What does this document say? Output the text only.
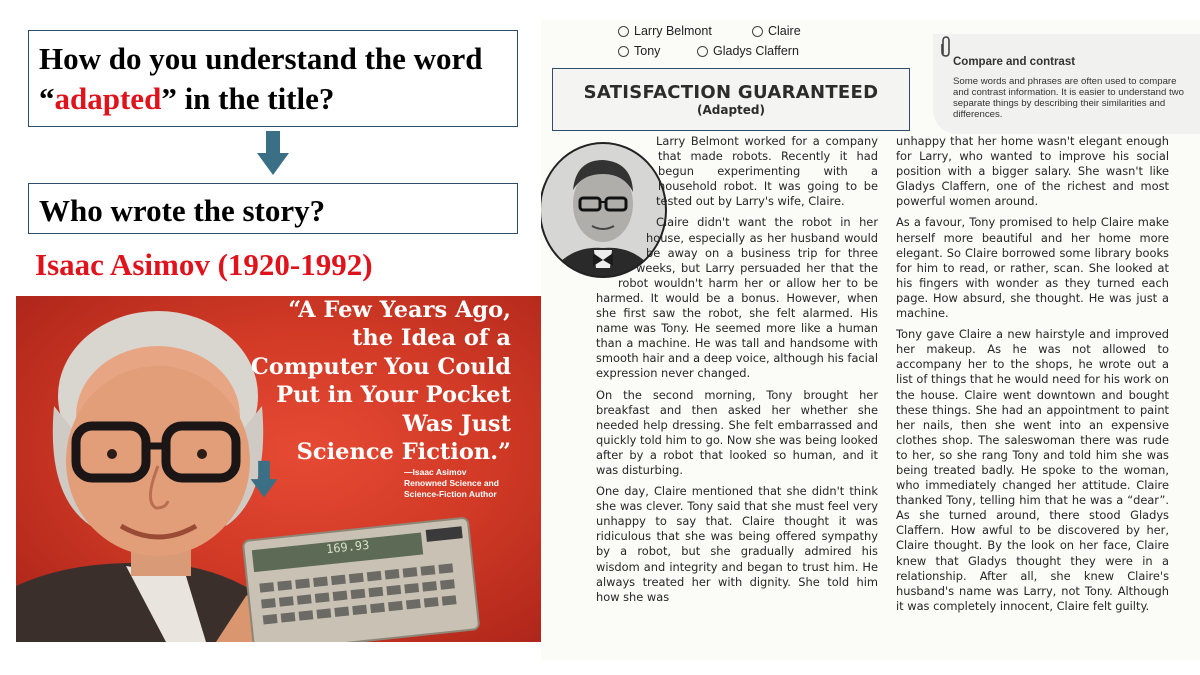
How do you understand the word “adapted” in the title?
Who wrote the story?
Isaac Asimov (1920-1992)
169.93
“A Few Years Ago,
the Idea of a
Computer You Could
Put in Your Pocket
Was Just
Science Fiction.”
—Isaac Asimov
Renowned Science and
Science-Fiction Author
Larry Belmont	Claire
Tony	Gladys Claffern
SATISFACTION GUARANTEED
(Adapted)
Compare and contrast
Some words and phrases are often used to compare and contrast information. It is easier to understand two separate things by describing their similarities and differences.

Larry Belmont worked for a company that made robots. Recently it had begun experimenting with a household robot. It was going to be tested out by Larry's wife, Claire.

Claire didn't want the robot in her house, especially as her husband would be away on a business trip for three weeks, but Larry persuaded her that the robot wouldn't harm her or allow her to be harmed. It would be a bonus. However, when she first saw the robot, she felt alarmed. His name was Tony. He seemed more like a human than a machine. He was tall and handsome with smooth hair and a deep voice, although his facial expression never changed.

On the second morning, Tony brought her breakfast and then asked her whether she needed help dressing. She felt embarrassed and quickly told him to go. Now she was being looked after by a robot that looked so human, and it was disturbing.

One day, Claire mentioned that she didn't think she was clever. Tony said that she must feel very unhappy to say that. Claire thought it was ridiculous that she was being offered sympathy by a robot, but she gradually admired his wisdom and integrity and began to trust him. He always treated her with dignity. She told him how she was

unhappy that her home wasn't elegant enough for Larry, who wanted to improve his social position with a bigger salary. She wasn't like Gladys Claffern, one of the richest and most powerful women around.

As a favour, Tony promised to help Claire make herself more beautiful and her home more elegant. So Claire borrowed some library books for him to read, or rather, scan. She looked at his fingers with wonder as they turned each page. How absurd, she thought. He was just a machine.

Tony gave Claire a new hairstyle and improved her makeup. As he was not allowed to accompany her to the shops, he wrote out a list of things that he would need for his work on the house. Claire went downtown and bought these things. She had an appointment to paint her nails, then she went into an expensive clothes shop. The saleswoman there was rude to her, so she rang Tony and told him she was being treated badly. He spoke to the woman, who immediately changed her attitude. Claire thanked Tony, telling him that he was a “dear”. As she turned around, there stood Gladys Claffern. How awful to be discovered by her, Claire thought. By the look on her face, Claire knew that Gladys thought they were in a relationship. After all, she knew Claire's husband's name was Larry, not Tony. Although it was completely innocent, Claire felt guilty.
